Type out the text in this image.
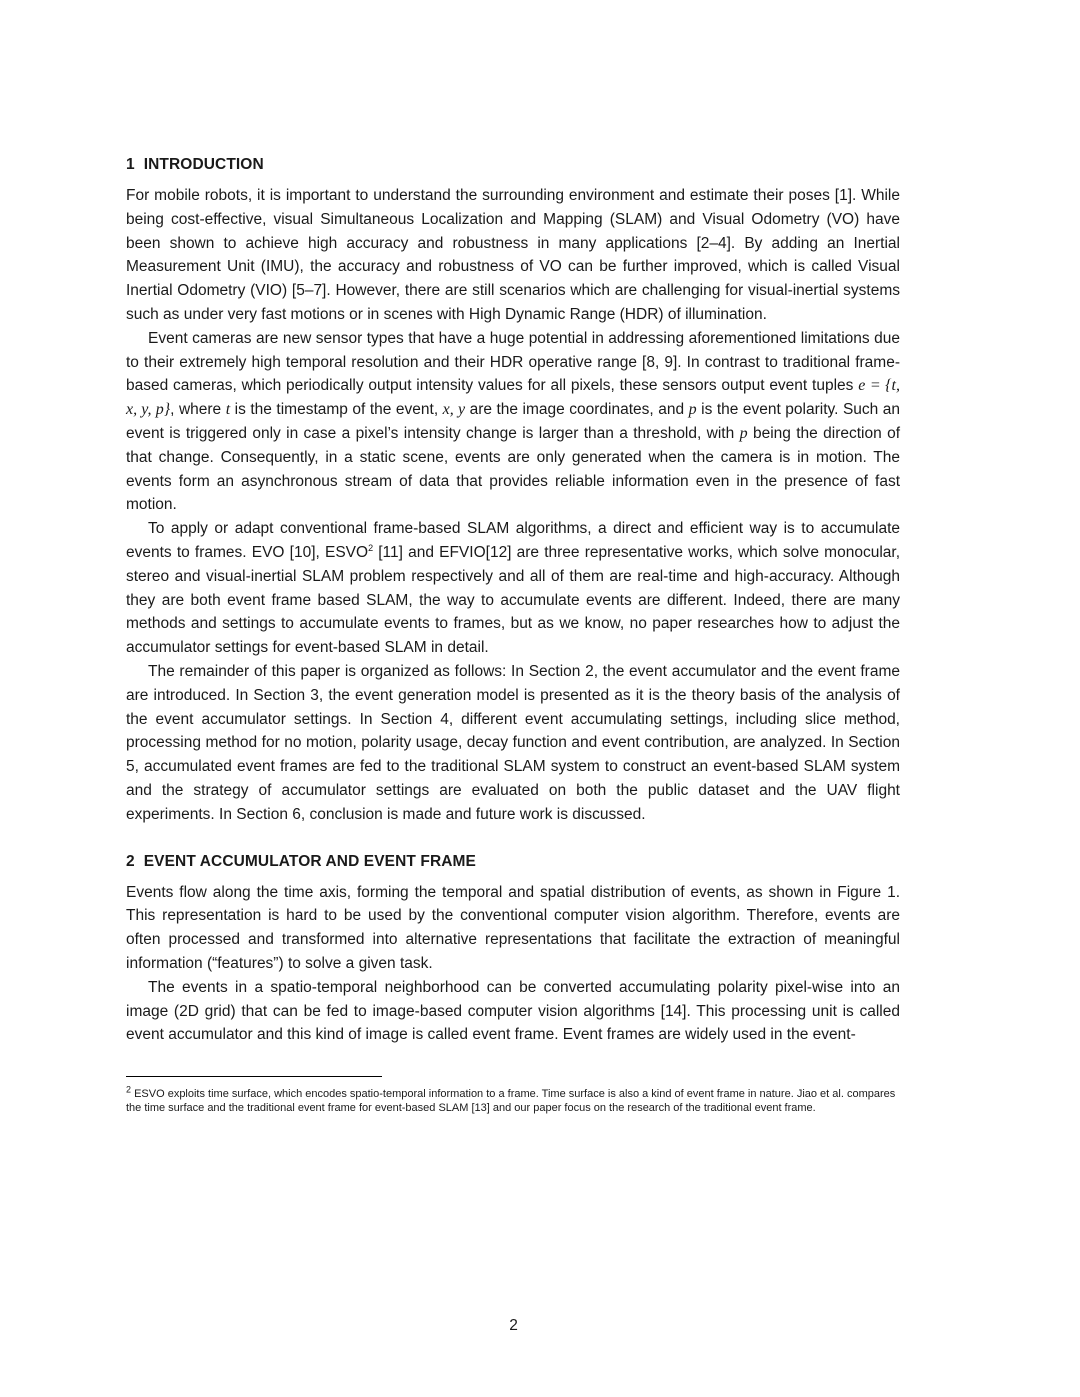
1 INTRODUCTION

For mobile robots, it is important to understand the surrounding environment and estimate their poses [1]. While being cost-effective, visual Simultaneous Localization and Mapping (SLAM) and Visual Odometry (VO) have been shown to achieve high accuracy and robustness in many applications [2–4]. By adding an Inertial Measurement Unit (IMU), the accuracy and robustness of VO can be further improved, which is called Visual Inertial Odometry (VIO) [5–7]. However, there are still scenarios which are challenging for visual-inertial systems such as under very fast motions or in scenes with High Dynamic Range (HDR) of illumination.

Event cameras are new sensor types that have a huge potential in addressing aforementioned limitations due to their extremely high temporal resolution and their HDR operative range [8, 9]. In contrast to traditional frame-based cameras, which periodically output intensity values for all pixels, these sensors output event tuples e = {t, x, y, p}, where t is the timestamp of the event, x, y are the image coordinates, and p is the event polarity. Such an event is triggered only in case a pixel’s intensity change is larger than a threshold, with p being the direction of that change. Consequently, in a static scene, events are only generated when the camera is in motion. The events form an asynchronous stream of data that provides reliable information even in the presence of fast motion.

To apply or adapt conventional frame-based SLAM algorithms, a direct and efficient way is to accumulate events to frames. EVO [10], ESVO$^2$ [11] and EFVIO[12] are three representative works, which solve monocular, stereo and visual-inertial SLAM problem respectively and all of them are real-time and high-accuracy. Although they are both event frame based SLAM, the way to accumulate events are different. Indeed, there are many methods and settings to accumulate events to frames, but as we know, no paper researches how to adjust the accumulator settings for event-based SLAM in detail.

The remainder of this paper is organized as follows: In Section 2, the event accumulator and the event frame are introduced. In Section 3, the event generation model is presented as it is the theory basis of the analysis of the event accumulator settings. In Section 4, different event accumulating settings, including slice method, processing method for no motion, polarity usage, decay function and event contribution, are analyzed. In Section 5, accumulated event frames are fed to the traditional SLAM system to construct an event-based SLAM system and the strategy of accumulator settings are evaluated on both the public dataset and the UAV flight experiments. In Section 6, conclusion is made and future work is discussed.

2 EVENT ACCUMULATOR AND EVENT FRAME

Events flow along the time axis, forming the temporal and spatial distribution of events, as shown in Figure 1. This representation is hard to be used by the conventional computer vision algorithm. Therefore, events are often processed and transformed into alternative representations that facilitate the extraction of meaningful information (“features”) to solve a given task.

The events in a spatio-temporal neighborhood can be converted accumulating polarity pixel-wise into an image (2D grid) that can be fed to image-based computer vision algorithms [14]. This processing unit is called event accumulator and this kind of image is called event frame. Event frames are widely used in the event-

$^2$ ESVO exploits time surface, which encodes spatio-temporal information to a frame. Time surface is also a kind of event frame in nature. Jiao et al. compares the time surface and the traditional event frame for event-based SLAM [13] and our paper focus on the research of the traditional event frame.
2
